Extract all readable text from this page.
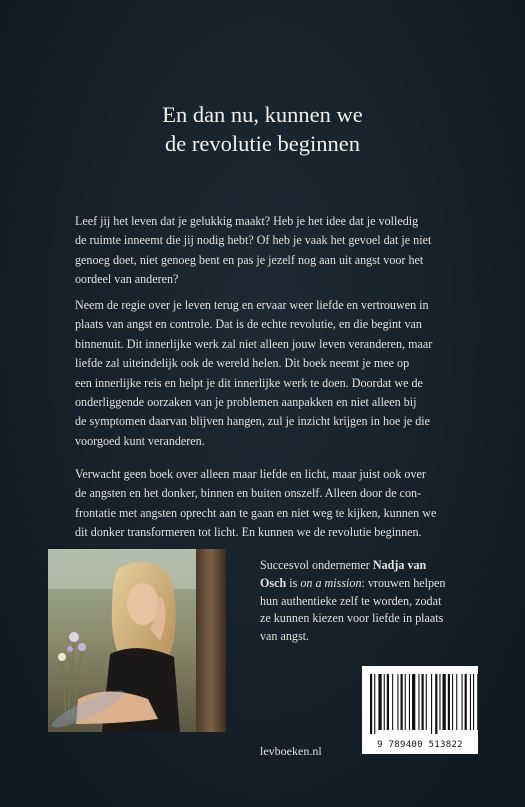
En dan nu, kunnen we
de revolutie beginnen
Leef jij het leven dat je gelukkig maakt? Heb je het idee dat je volledig
de ruimte inneemt die jij nodig hebt? Of heb je vaak het gevoel dat je niet
genoeg doet, niet genoeg bent en pas je jezelf nog aan uit angst voor het
oordeel van anderen?
Neem de regie over je leven terug en ervaar weer liefde en vertrouwen in
plaats van angst en controle. Dat is de echte revolutie, en die begint van
binnenuit. Dit innerlijke werk zal niet alleen jouw leven veranderen, maar
liefde zal uiteindelijk ook de wereld helen. Dit boek neemt je mee op
een innerlijke reis en helpt je dit innerlijke werk te doen. Doordat we de
onderliggende oorzaken van je problemen aanpakken en niet alleen bij
de symptomen daarvan blijven hangen, zul je inzicht krijgen in hoe je die
voorgoed kunt veranderen.
Verwacht geen boek over alleen maar liefde en licht, maar juist ook over
de angsten en het donker, binnen en buiten onszelf. Alleen door de con-
frontatie met angsten oprecht aan te gaan en niet weg te kijken, kunnen we
dit donker transformeren tot licht. En kunnen we de revolutie beginnen.
Succesvol ondernemer Nadja van
Osch is on a mission: vrouwen helpen
hun authentieke zelf te worden, zodat
ze kunnen kiezen voor liefde in plaats
van angst.
9 789400 513822
levboeken.nl
